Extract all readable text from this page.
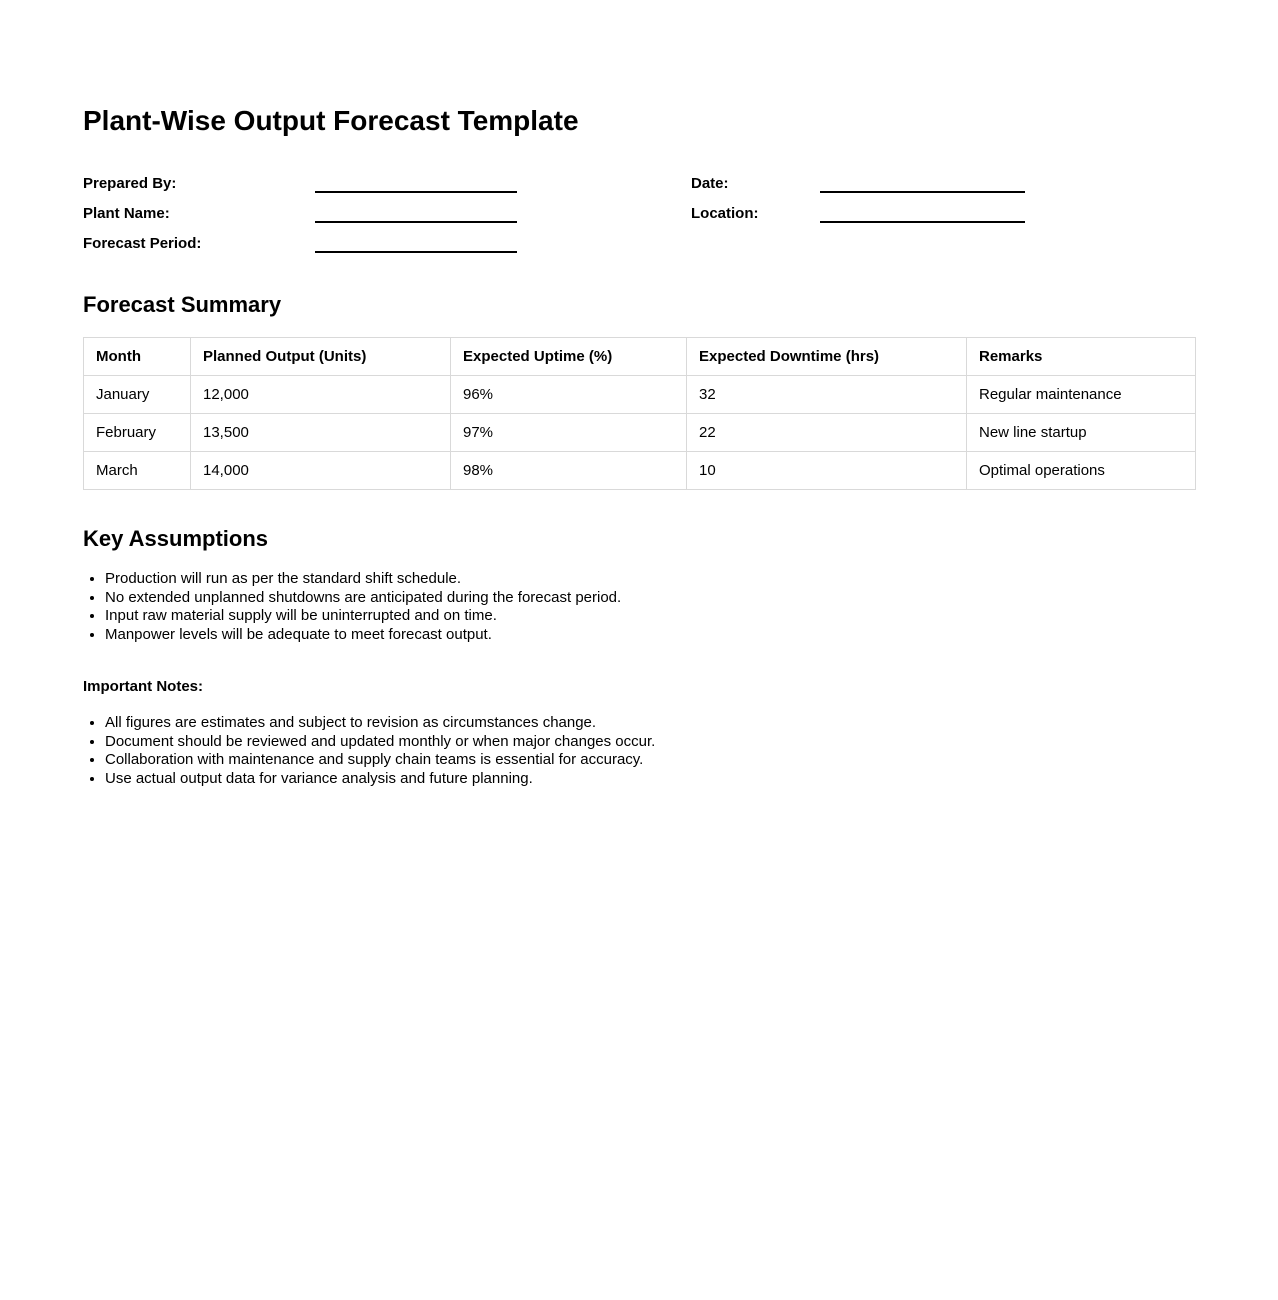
Plant-Wise Output Forecast Template
Prepared By:
Plant Name:
Forecast Period:
Date:
Location:
Forecast Summary
Month	Planned Output (Units)	Expected Uptime (%)	Expected Downtime (hrs)	Remarks
January	12,000	96%	32	Regular maintenance
February	13,500	97%	22	New line startup
March	14,000	98%	10	Optimal operations
Key Assumptions
• Production will run as per the standard shift schedule.
• No extended unplanned shutdowns are anticipated during the forecast period.
• Input raw material supply will be uninterrupted and on time.
• Manpower levels will be adequate to meet forecast output.

Important Notes:

• All figures are estimates and subject to revision as circumstances change.
• Document should be reviewed and updated monthly or when major changes occur.
• Collaboration with maintenance and supply chain teams is essential for accuracy.
• Use actual output data for variance analysis and future planning.
